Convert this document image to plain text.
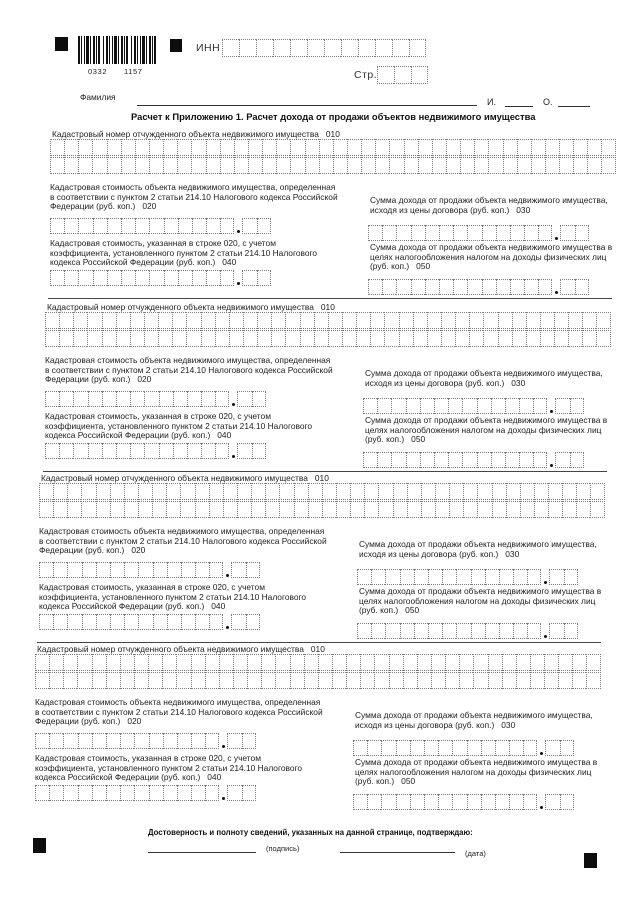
0332 1157
ИНН
Стр.
Фамилия	И.	О.
Расчет к Приложению 1. Расчет дохода от продажи объектов недвижимого имущества
Кадастровый номер отчужденного объекта недвижимого имущества 010
Кадастровая стоимость объекта недвижимого имущества, определенная
в соответствии с пунктом 2 статьи 214.10 Налогового кодекса Российской
Федерации (руб. коп.) 020
Сумма дохода от продажи объекта недвижимого имущества,
исходя из цены договора (руб. коп.) 030
Кадастровая стоимость, указанная в строке 020, с учетом
коэффициента, установленного пунктом 2 статьи 214.10 Налогового
кодекса Российской Федерации (руб. коп.) 040
Сумма дохода от продажи объекта недвижимого имущества в
целях налогообложения налогом на доходы физических лиц
(руб. коп.) 050
Кадастровый номер отчужденного объекта недвижимого имущества 010
Кадастровая стоимость объекта недвижимого имущества, определенная
в соответствии с пунктом 2 статьи 214.10 Налогового кодекса Российской
Федерации (руб. коп.) 020
Сумма дохода от продажи объекта недвижимого имущества,
исходя из цены договора (руб. коп.) 030
Кадастровая стоимость, указанная в строке 020, с учетом
коэффициента, установленного пунктом 2 статьи 214.10 Налогового
кодекса Российской Федерации (руб. коп.) 040
Сумма дохода от продажи объекта недвижимого имущества в
целях налогообложения налогом на доходы физических лиц
(руб. коп.) 050
Кадастровый номер отчужденного объекта недвижимого имущества 010
Кадастровая стоимость объекта недвижимого имущества, определенная
в соответствии с пунктом 2 статьи 214.10 Налогового кодекса Российской
Федерации (руб. коп.) 020
Сумма дохода от продажи объекта недвижимого имущества,
исходя из цены договора (руб. коп.) 030
Кадастровая стоимость, указанная в строке 020, с учетом
коэффициента, установленного пунктом 2 статьи 214.10 Налогового
кодекса Российской Федерации (руб. коп.) 040
Сумма дохода от продажи объекта недвижимого имущества в
целях налогообложения налогом на доходы физических лиц
(руб. коп.) 050
Кадастровый номер отчужденного объекта недвижимого имущества 010
Кадастровая стоимость объекта недвижимого имущества, определенная
в соответствии с пунктом 2 статьи 214.10 Налогового кодекса Российской
Федерации (руб. коп.) 020
Сумма дохода от продажи объекта недвижимого имущества,
исходя из цены договора (руб. коп.) 030
Кадастровая стоимость, указанная в строке 020, с учетом
коэффициента, установленного пунктом 2 статьи 214.10 Налогового
кодекса Российской Федерации (руб. коп.) 040
Сумма дохода от продажи объекта недвижимого имущества в
целях налогообложения налогом на доходы физических лиц
(руб. коп.) 050
Достоверность и полноту сведений, указанных на данной странице, подтверждаю:
(подпись)
(дата)
